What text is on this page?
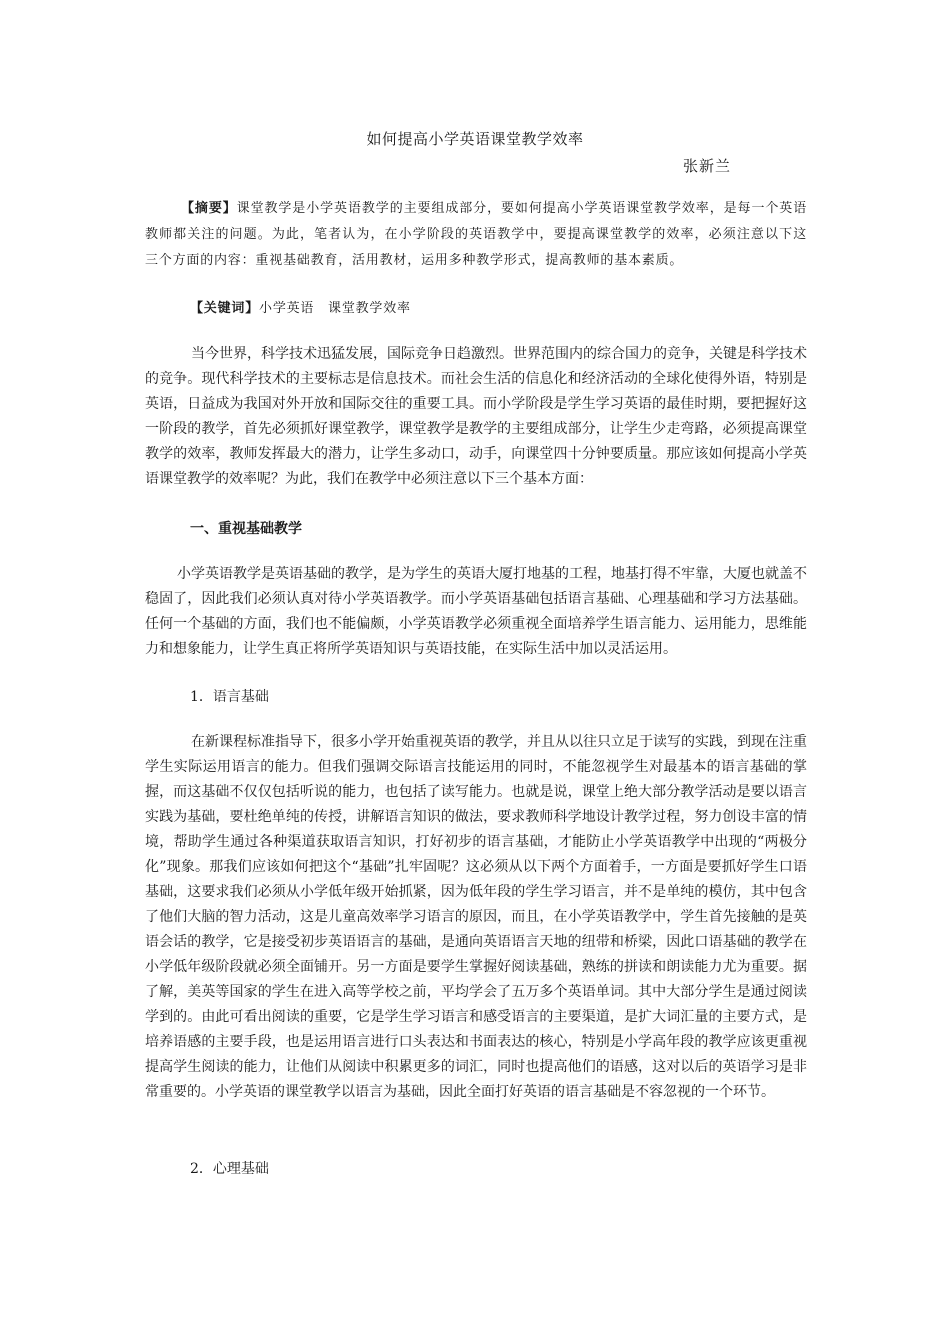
如何提高小学英语课堂教学效率
张新兰

【摘要】课堂教学是小学英语教学的主要组成部分，要如何提高小学英语课堂教学效率，是每一个英语教师都关注的问题。为此，笔者认为，在小学阶段的英语教学中，要提高课堂教学的效率，必须注意以下这三个方面的内容：重视基础教育，活用教材，运用多种教学形式，提高教师的基本素质。

【关键词】小学英语　课堂教学效率

当今世界，科学技术迅猛发展，国际竞争日趋激烈。世界范围内的综合国力的竞争，关键是科学技术的竞争。现代科学技术的主要标志是信息技术。而社会生活的信息化和经济活动的全球化使得外语，特别是英语，日益成为我国对外开放和国际交往的重要工具。而小学阶段是学生学习英语的最佳时期，要把握好这一阶段的教学，首先必须抓好课堂教学，课堂教学是教学的主要组成部分，让学生少走弯路，必须提高课堂教学的效率，教师发挥最大的潜力，让学生多动口，动手，向课堂四十分钟要质量。那应该如何提高小学英语课堂教学的效率呢？为此，我们在教学中必须注意以下三个基本方面：

一、重视基础教学

小学英语教学是英语基础的教学，是为学生的英语大厦打地基的工程，地基打得不牢靠，大厦也就盖不稳固了，因此我们必须认真对待小学英语教学。而小学英语基础包括语言基础、心理基础和学习方法基础。任何一个基础的方面，我们也不能偏颇，小学英语教学必须重视全面培养学生语言能力、运用能力，思维能力和想象能力，让学生真正将所学英语知识与英语技能，在实际生活中加以灵活运用。

1．语言基础

在新课程标准指导下，很多小学开始重视英语的教学，并且从以往只立足于读写的实践，到现在注重学生实际运用语言的能力。但我们强调交际语言技能运用的同时，不能忽视学生对最基本的语言基础的掌握，而这基础不仅仅包括听说的能力，也包括了读写能力。也就是说，课堂上绝大部分教学活动是要以语言实践为基础，要杜绝单纯的传授，讲解语言知识的做法，要求教师科学地设计教学过程，努力创设丰富的情境，帮助学生通过各种渠道获取语言知识，打好初步的语言基础，才能防止小学英语教学中出现的“两极分化”现象。那我们应该如何把这个“基础”扎牢固呢？这必须从以下两个方面着手，一方面是要抓好学生口语基础，这要求我们必须从小学低年级开始抓紧，因为低年段的学生学习语言，并不是单纯的模仿，其中包含了他们大脑的智力活动，这是儿童高效率学习语言的原因，而且，在小学英语教学中，学生首先接触的是英语会话的教学，它是接受初步英语语言的基础，是通向英语语言天地的纽带和桥梁，因此口语基础的教学在小学低年级阶段就必须全面铺开。另一方面是要学生掌握好阅读基础，熟练的拼读和朗读能力尤为重要。据了解，美英等国家的学生在进入高等学校之前，平均学会了五万多个英语单词。其中大部分学生是通过阅读学到的。由此可看出阅读的重要，它是学生学习语言和感受语言的主要渠道，是扩大词汇量的主要方式，是培养语感的主要手段，也是运用语言进行口头表达和书面表达的核心，特别是小学高年段的教学应该更重视提高学生阅读的能力，让他们从阅读中积累更多的词汇，同时也提高他们的语感，这对以后的英语学习是非常重要的。小学英语的课堂教学以语言为基础，因此全面打好英语的语言基础是不容忽视的一个环节。

2．心理基础
